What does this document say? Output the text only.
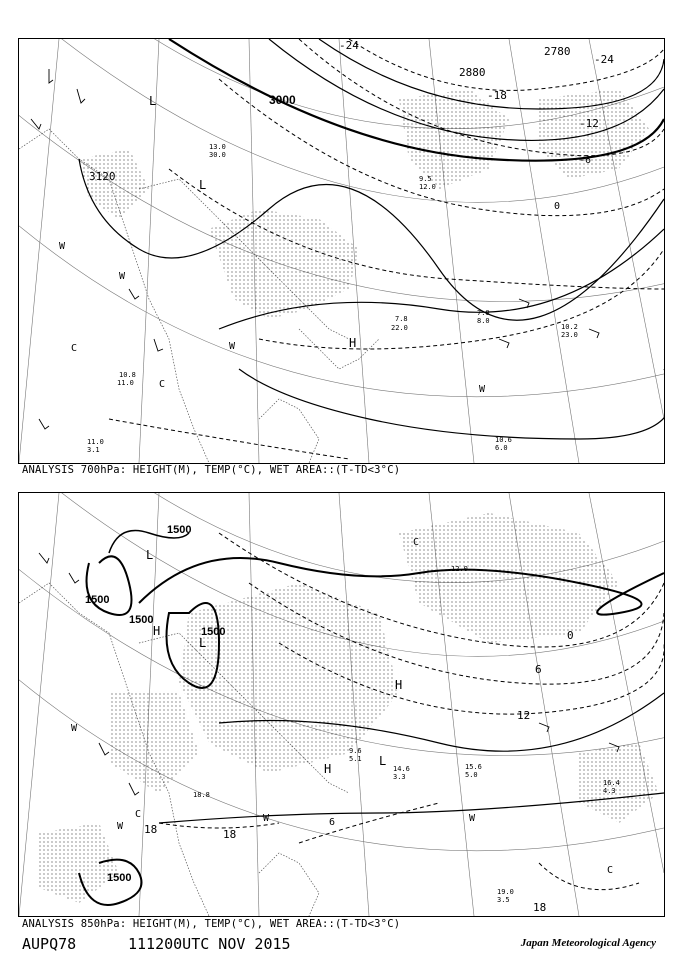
3120
3000
2880
2780
-24
-18
-12
-6
0
-24
L
L
H
W
W
W
W
C
C
10.6
6.0
10.2
23.0
7.0
8.0
7.8
22.0
11.0
3.1
10.8
11.0
13.0
30.0
9.5
12.0
ANALYSIS 700hPa: HEIGHT(M), TEMP(°C), WET AREA::(T-TD<3°C)
1500
1500
1500
1500
1500
12
6
0
18	18
18
6
L
H
L
H
L
H
W
W
W	W
C
C
C
15.6
5.0
16.4
4.3
19.0
3.5
14.6
3.3
18.8
9.6
5.1
12.0
ANALYSIS 850hPa: HEIGHT(M), TEMP(°C), WET AREA::(T-TD<3°C)
AUPQ78	111200UTC NOV 2015	Japan Meteorological Agency
